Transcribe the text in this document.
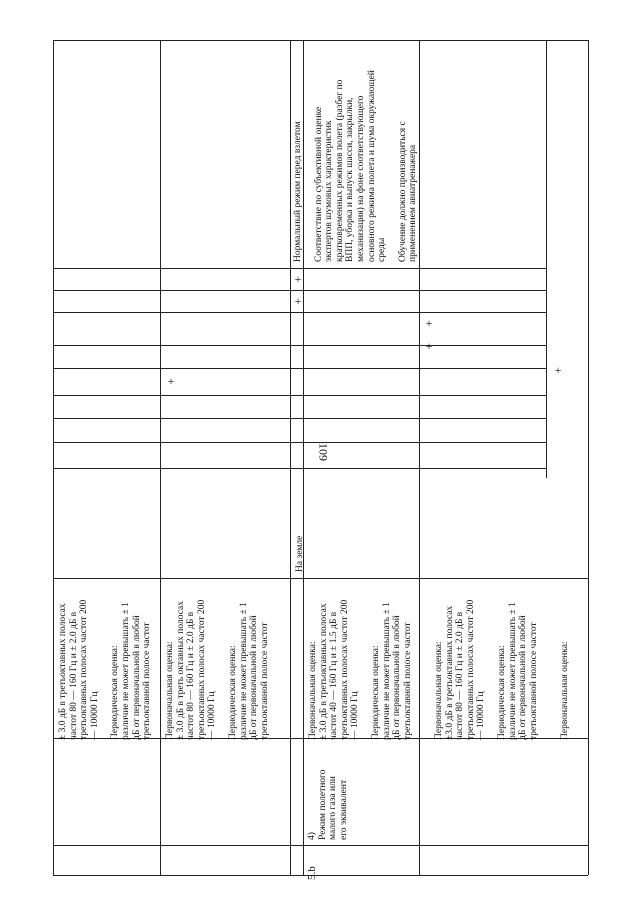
109
5.b
4) Режим полетного малого газа или его эквивалент
На земле
± 3.0 дБ в третьоктавных полосах частот 80 — 160 Гц и ± 2.0 дБ в третьоктавных полосах частот 200 — 10000 Гц Периодическая оценка: различие не может превышать ± 1 дБ от первоначальной в любой третьоктавной полосе частот Первоначальная оценка: ± 3.0 дБ в треть октавных полосах частот 80 — 160 Гц и ± 2.0 дБ в третьоктавных полосах частот 200 — 10000 Гц Периодическая оценка: различие не может превышать ± 1 дБ от первоначальной в любой третьоктавной полосе частот	Первоначальная оценка: ± 3.0 дБ в третьоктавных полосах частот 40 — 160 Гц и ± 1.5 дБ в третьоктавных полосах частот 200 — 10000 Гц Периодическая оценка: различие не может превышать ± 1 дБ от первоначальной в любой третьоктавной полосе частот Первоначальная оценка: ±3.0 дБ в третьоктавных полосах частот 80 — 160 Гц и ± 2.0 дБ в третьоктавных полосах частот 200 — 10000 Гц Периодическая оценка: различие не может превышать ± 1 дБ от первоначальной в любой третьоктавной полосе частот Первоначальная оценка:
Нормальный режим перед взлетом Соответствие по субъективной оценке экспертов шумовых характеристик кратковременных режимов полета (разбег по ВПП, уборка и выпуск шасси, закрылки, механизация) на фоне соответствующего основного режима полета и шума окружающей среды Обучение должно производиться с применением авиатренажера
+
+
+
+
+
+
